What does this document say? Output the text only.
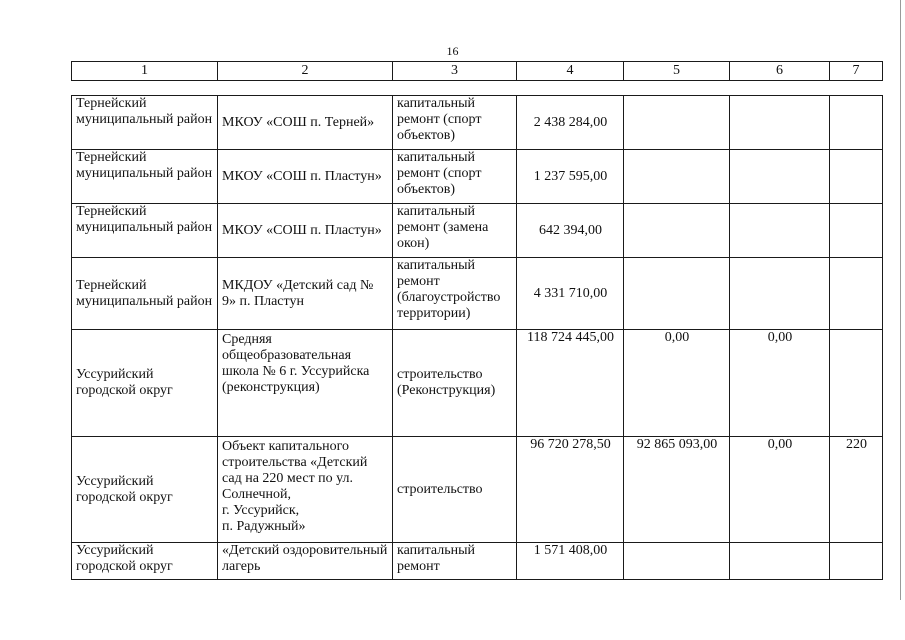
16
1	2	3	4	5	6	7
Тернейский муниципальный район	МКОУ «СОШ п. Терней»	капитальный ремонт (спорт объектов)	2 438 284,00			
Тернейский муниципальный район	МКОУ «СОШ п. Пластун»	капитальный ремонт (спорт объектов)	1 237 595,00			
Тернейский муниципальный район	МКОУ «СОШ п. Пластун»	капитальный ремонт (замена окон)	642 394,00			
Тернейский муниципальный район	МКДОУ «Детский сад № 9» п. Пластун	капитальный ремонт (благоустройство территории)	4 331 710,00			
Уссурийский городской округ	Средняя общеобразовательная школа № 6 г. Уссурийска (реконструкция)	строительство (Реконструкция)	118 724 445,00	0,00	0,00	
Уссурийский городской округ	Объект капитального строительства «Детский сад на 220 мест по ул. Солнечной,
г. Уссурийск,
п. Радужный»	строительство	96 720 278,50	92 865 093,00	0,00	220
Уссурийский городской округ	«Детский оздоровительный лагерь	капитальный ремонт	1 571 408,00			
